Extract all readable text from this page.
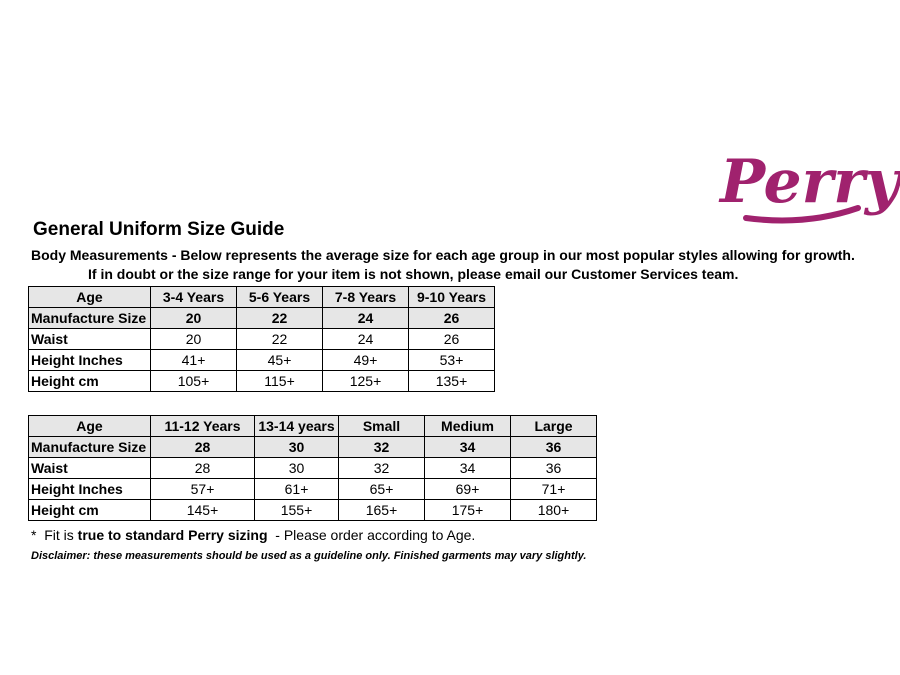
Perry
General Uniform Size Guide
Body Measurements - Below represents the average size for each age group in our most popular styles allowing for growth.
If in doubt or the size range for your item is not shown, please email our Customer Services team.
Age	3-4 Years	5-6 Years	7-8 Years	9-10 Years
Manufacture Size	20	22	24	26
Waist	20	22	24	26
Height Inches	41+	45+	49+	53+
Height cm	105+	115+	125+	135+
Age	11-12 Years	13-14 years	Small	Medium	Large
Manufacture Size	28	30	32	34	36
Waist	28	30	32	34	36
Height Inches	57+	61+	65+	69+	71+
Height cm	145+	155+	165+	175+	180+
*  Fit is true to standard Perry sizing  - Please order according to Age.
Disclaimer: these measurements should be used as a guideline only. Finished garments may vary slightly.
